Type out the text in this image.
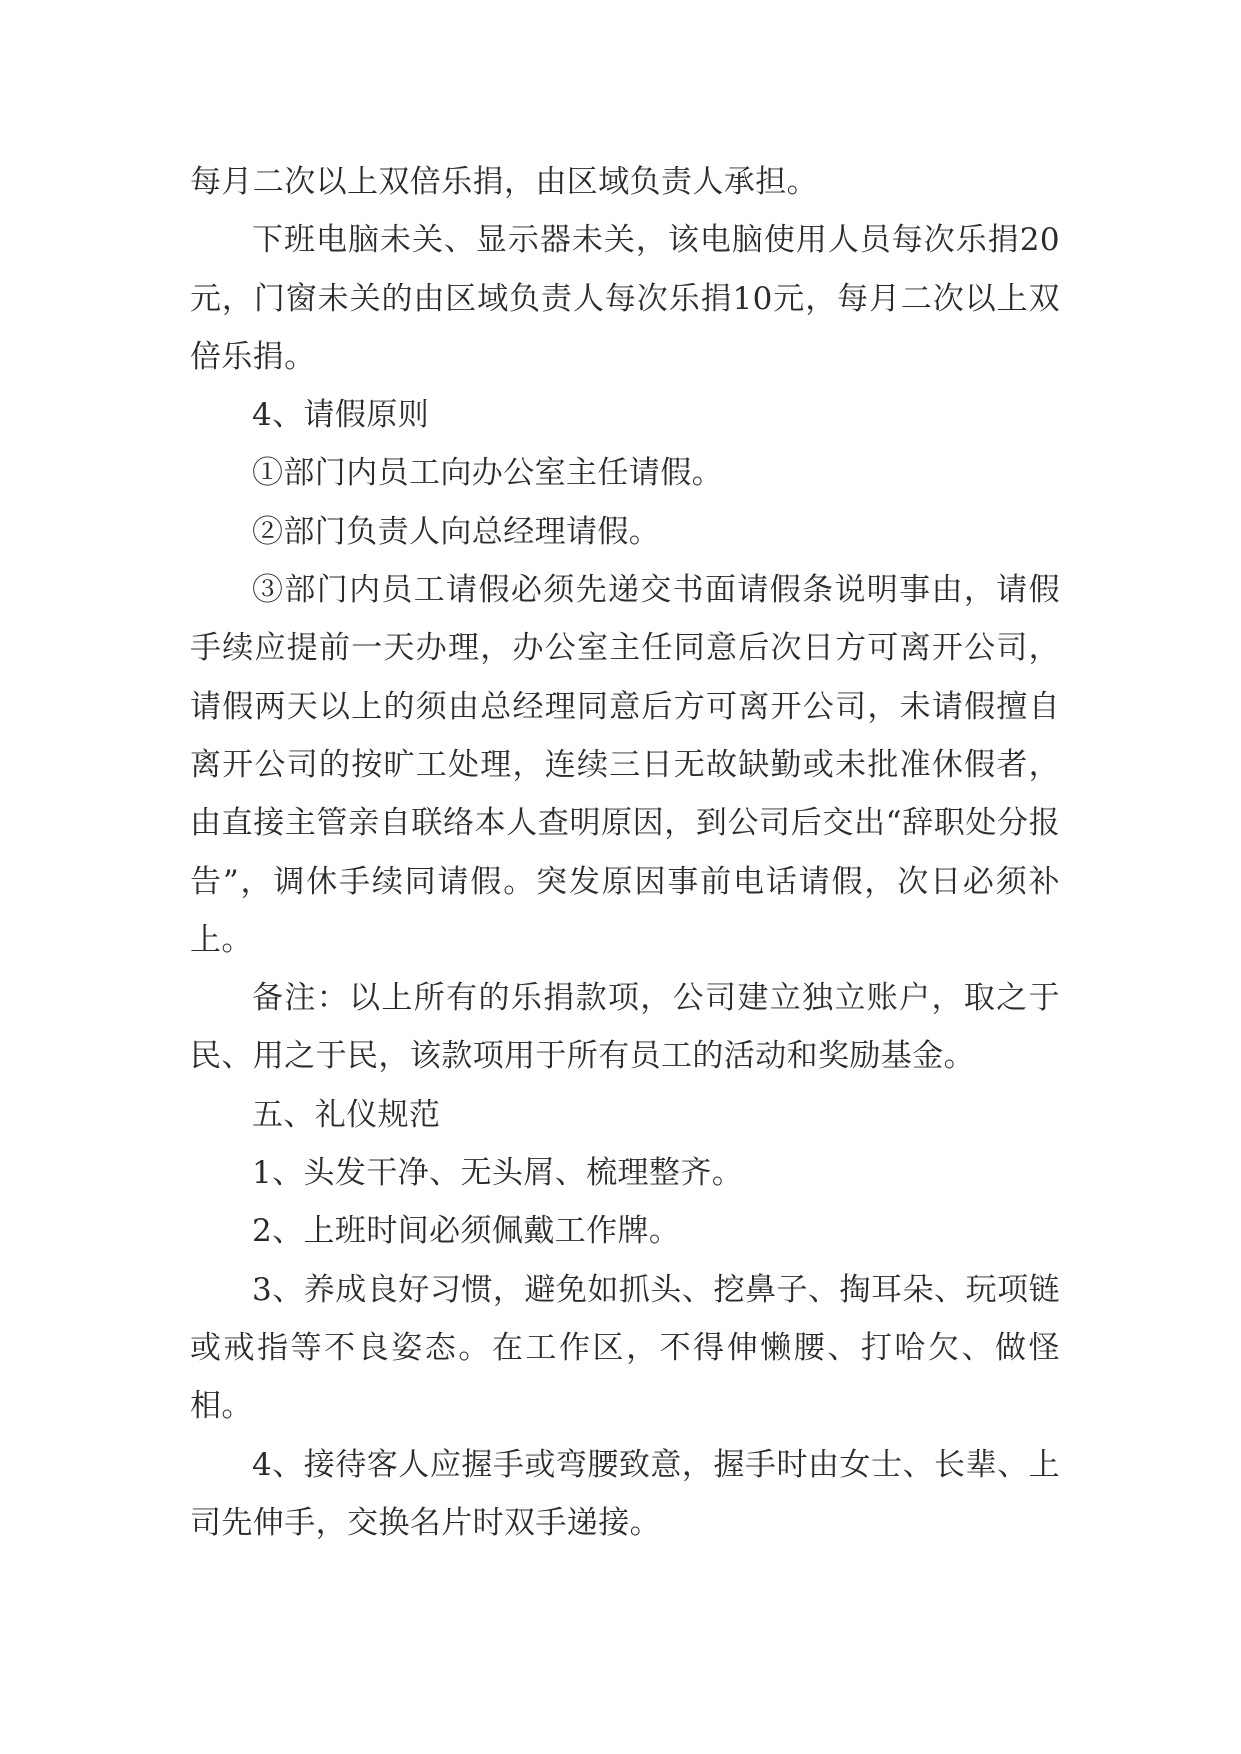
每月二次以上双倍乐捐，由区域负责人承担。

下班电脑未关、显示器未关，该电脑使用人员每次乐捐20元，门窗未关的由区域负责人每次乐捐10元，每月二次以上双倍乐捐。

4、请假原则

①部门内员工向办公室主任请假。

②部门负责人向总经理请假。

③部门内员工请假必须先递交书面请假条说明事由，请假手续应提前一天办理，办公室主任同意后次日方可离开公司，请假两天以上的须由总经理同意后方可离开公司，未请假擅自离开公司的按旷工处理，连续三日无故缺勤或未批准休假者，由直接主管亲自联络本人查明原因，到公司后交出“辞职处分报告”，调休手续同请假。突发原因事前电话请假，次日必须补上。

备注：以上所有的乐捐款项，公司建立独立账户，取之于民、用之于民，该款项用于所有员工的活动和奖励基金。

五、礼仪规范

1、头发干净、无头屑、梳理整齐。

2、上班时间必须佩戴工作牌。

3、养成良好习惯，避免如抓头、挖鼻子、掏耳朵、玩项链或戒指等不良姿态。在工作区，不得伸懒腰、打哈欠、做怪相。

4、接待客人应握手或弯腰致意，握手时由女士、长辈、上司先伸手，交换名片时双手递接。
